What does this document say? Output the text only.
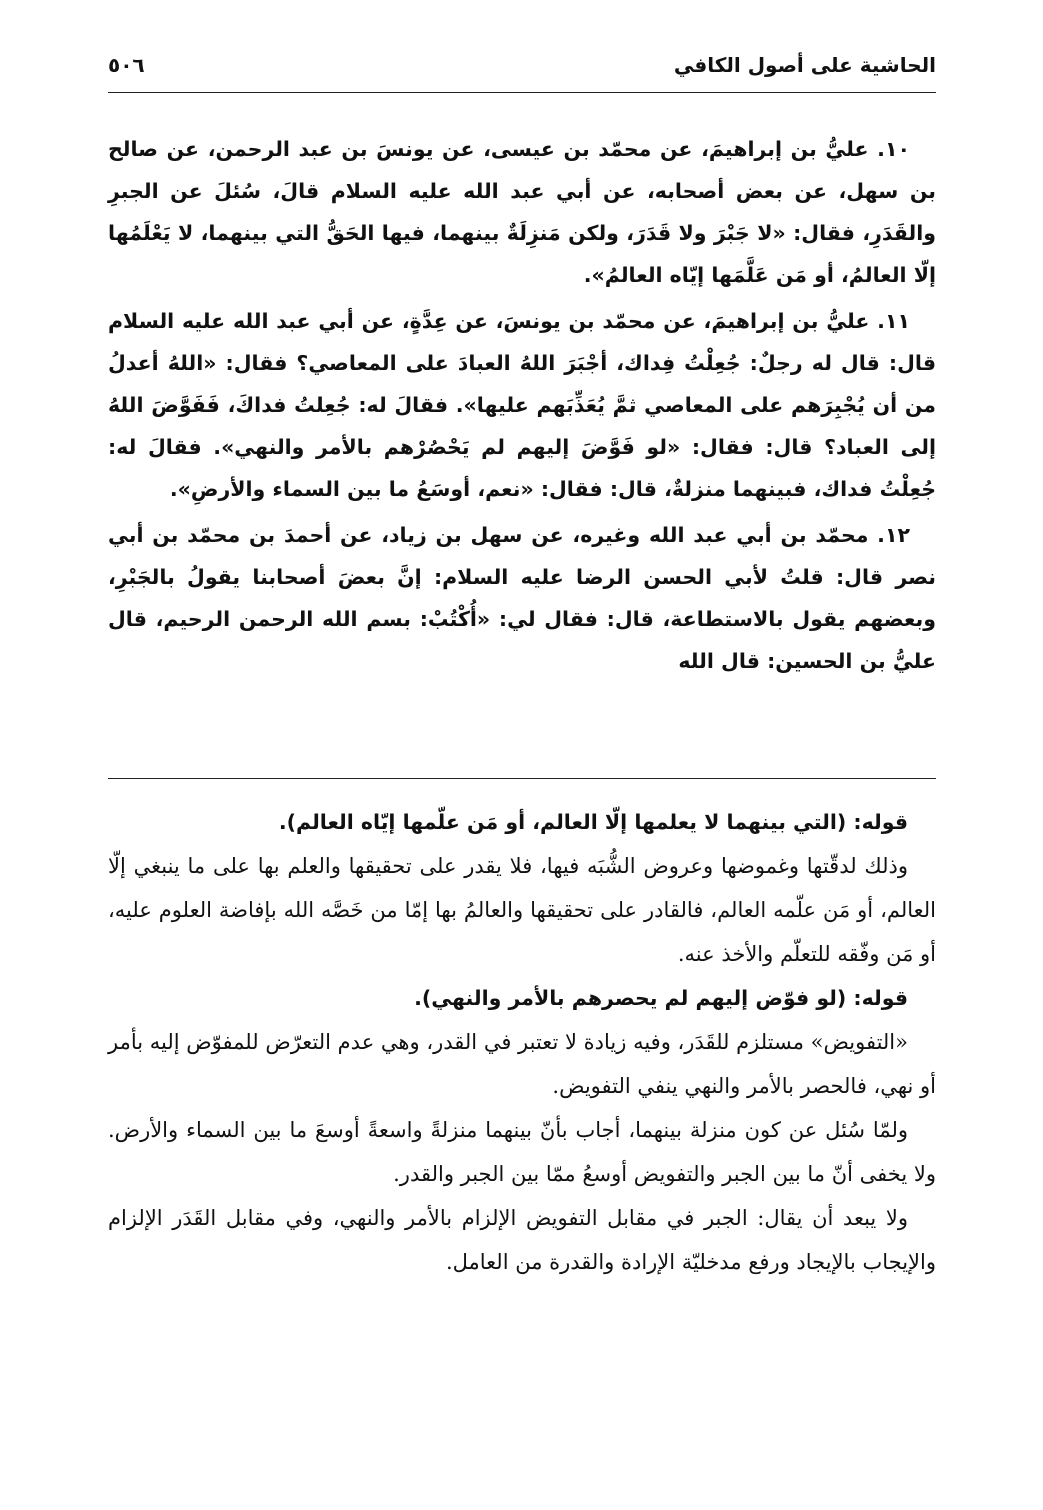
٥٠٦	الحاشية على أصول الكافي

١٠. عليُّ بن إبراهيمَ، عن محمّد بن عيسى، عن يونسَ بن عبد الرحمن، عن صالح بن سهل، عن بعض أصحابه، عن أبي عبد الله عليه السلام قالَ، سُئلَ عن الجبرِ والقَدَرِ، فقال: «لا جَبْرَ ولا قَدَرَ، ولكن مَنزِلَةٌ بينهما، فيها الحَقُّ التي بينهما، لا يَعْلَمُها إلّا العالمُ، أو مَن عَلَّمَها إيّاه العالمُ».

١١. عليُّ بن إبراهيمَ، عن محمّد بن يونسَ، عن عِدَّةٍ، عن أبي عبد الله عليه السلام قال: قال له رجلٌ: جُعِلْتُ فِداك، أجْبَرَ اللهُ العبادَ على المعاصي؟ فقال: «اللهُ أعدلُ من أن يُجْبِرَهم على المعاصي ثمَّ يُعَذِّبَهم عليها». فقالَ له: جُعِلتُ فداكَ، فَفَوَّضَ اللهُ إلى العباد؟ قال: فقال: «لو فَوَّضَ إليهم لم يَحْصُرْهم بالأمر والنهي». فقالَ له: جُعِلْتُ فداك، فبينهما منزلةٌ، قال: فقال: «نعم، أوسَعُ ما بين السماء والأرضِ».

١٢. محمّد بن أبي عبد الله وغيره، عن سهل بن زياد، عن أحمدَ بن محمّد بن أبي نصر قال: قلتُ لأبي الحسن الرضا عليه السلام: إنَّ بعضَ أصحابنا يقولُ بالجَبْرِ، وبعضهم يقول بالاستطاعة، قال: فقال لي: «أُكْتُبْ: بسم الله الرحمن الرحيم، قال عليُّ بن الحسين: قال الله

قوله: (التي بينهما لا يعلمها إلّا العالم، أو مَن علّمها إيّاه العالم).

وذلك لدقّتها وغموضها وعروض الشُّبَه فيها، فلا يقدر على تحقيقها والعلم بها على ما ينبغي إلّا العالم، أو مَن علّمه العالم، فالقادر على تحقيقها والعالمُ بها إمّا من خَصَّه الله بإفاضة العلوم عليه، أو مَن وفّقه للتعلّم والأخذ عنه.

قوله: (لو فوّض إليهم لم يحصرهم بالأمر والنهي).

«التفويض» مستلزم للقَدَر، وفيه زيادة لا تعتبر في القدر، وهي عدم التعرّض للمفوّض إليه بأمر أو نهي، فالحصر بالأمر والنهي ينفي التفويض.

ولمّا سُئل عن كون منزلة بينهما، أجاب بأنّ بينهما منزلةً واسعةً أوسعَ ما بين السماء والأرض. ولا يخفى أنّ ما بين الجبر والتفويض أوسعُ ممّا بين الجبر والقدر.

ولا يبعد أن يقال: الجبر في مقابل التفويض الإلزام بالأمر والنهي، وفي مقابل القَدَر الإلزام والإيجاب بالإيجاد ورفع مدخليّة الإرادة والقدرة من العامل.
